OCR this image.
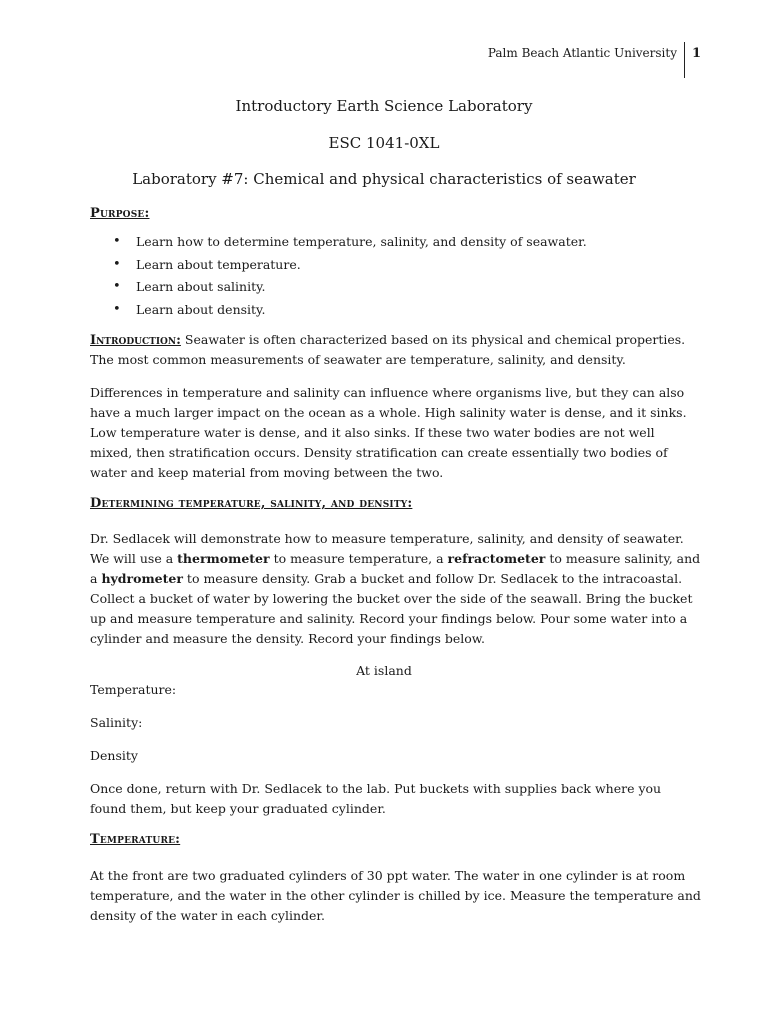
Palm Beach Atlantic University 1
Introductory Earth Science Laboratory
ESC 1041-0XL
Laboratory #7: Chemical and physical characteristics of seawater
Purpose:
• Learn how to determine temperature, salinity, and density of seawater.
• Learn about temperature.
• Learn about salinity.
• Learn about density.
Introduction: Seawater is often characterized based on its physical and chemical properties.
The most common measurements of seawater are temperature, salinity, and density.
Differences in temperature and salinity can influence where organisms live, but they can also
have a much larger impact on the ocean as a whole. High salinity water is dense, and it sinks.
Low temperature water is dense, and it also sinks. If these two water bodies are not well
mixed, then stratification occurs. Density stratification can create essentially two bodies of
water and keep material from moving between the two.
Determining temperature, salinity, and density:
Dr. Sedlacek will demonstrate how to measure temperature, salinity, and density of seawater.
We will use a thermometer to measure temperature, a refractometer to measure salinity, and
a hydrometer to measure density. Grab a bucket and follow Dr. Sedlacek to the intracoastal.
Collect a bucket of water by lowering the bucket over the side of the seawall. Bring the bucket
up and measure temperature and salinity. Record your findings below. Pour some water into a
cylinder and measure the density. Record your findings below.
At island
Temperature:
Salinity:
Density
Once done, return with Dr. Sedlacek to the lab. Put buckets with supplies back where you
found them, but keep your graduated cylinder.
Temperature:
At the front are two graduated cylinders of 30 ppt water. The water in one cylinder is at room
temperature, and the water in the other cylinder is chilled by ice. Measure the temperature and
density of the water in each cylinder.
